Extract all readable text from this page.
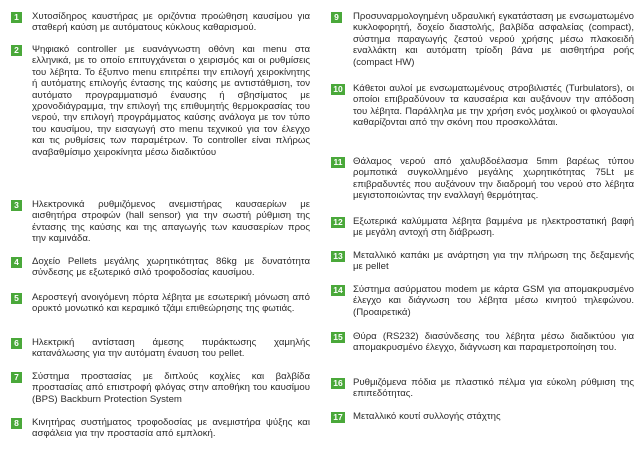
1	Χυτοσίδηρος καυστήρας με οριζόντια προώθηση καυσίμου για σταθερή καύση με αυτόματους κύκλους καθαρισμού.
2	Ψηφιακό controller με ευανάγνωστη οθόνη και menu στα ελληνικά, με το οποίο επιτυγχάνεται ο χειρισμός και οι ρυθμίσεις του λέβητα. Το έξυπνο menu επιτρέπει την επιλογή χειροκίνητης ή αυτόματης επιλογής έντασης της καύσης με αντιστάθμιση, τον αυτόματο προγραμματισμό έναυσης ή σβησίματος με χρονοδιάγραμμα, την επιλογή της επιθυμητής θερμοκρασίας του νερού, την επιλογή προγράμματος καύσης ανάλογα με τον τύπο του καυσίμου, την εισαγωγή στο menu τεχνικού για τον έλεγχο και τις ρυθμίσεις των παραμέτρων. Το controller είναι πλήρως αναβαθμίσιμο χειροκίνητα μέσω διαδικτύου
3	Ηλεκτρονικά ρυθμιζόμενος ανεμιστήρας καυσαερίων με αισθητήρα στροφών (hall sensor) για την σωστή ρύθμιση της έντασης της καύσης και της απαγωγής των καυσαερίων προς την καμινάδα.
4	Δοχείο Pellets μεγάλης χωρητικότητας 86kg με δυνατότητα σύνδεσης με εξωτερικό σιλό τροφοδοσίας καυσίμου.
5	Αεροστεγή ανοιγόμενη πόρτα λέβητα με εσωτερική μόνωση από ορυκτό μονωτικό και κεραμικό τζάμι επιθεώρησης της φωτιάς.
6	Ηλεκτρική αντίσταση άμεσης πυράκτωσης χαμηλής κατανάλωσης για την αυτόματη έναυση του pellet.
7	Σύστημα προστασίας με διπλούς κοχλίες και βαλβίδα προστασίας από επιστροφή φλόγας στην αποθήκη του καυσίμου (BPS) Backburn Protection System
8	Κινητήρας συστήματος τροφοδοσίας με ανεμιστήρα ψύξης και ασφάλεια για την προστασία από εμπλοκή.
9	Προσυναρμολογημένη υδραυλική εγκατάσταση με ενσωματωμένο κυκλοφορητή, δοχείο διαστολής, βαλβίδα ασφαλείας (compact), σύστημα παραγωγής ζεστού νερού χρήσης μέσω πλακοειδή εναλλάκτη και αυτόματη τρίοδη βάνα με αισθητήρα ροής (compact HW)
10 Κάθετοι αυλοί με ενσωματωμένους στροβιλιστές (Turbulators), οι οποίοι επιβραδύνουν τα καυσαέρια και αυξάνουν την απόδοση του λέβητα. Παράλληλα με την χρήση ενός μοχλικού οι φλογαυλοί καθαρίζονται από την σκόνη που προσκολλάται.
11 Θάλαμος νερού από χαλυβδοέλασμα 5mm βαρέως τύπου ρομποτικά συγκολλημένο μεγάλης χωρητικότητας 75Lt με επιβραδυντές που αυξάνουν την διαδρομή του νερού στο λέβητα μεγιστοποιώντας την εναλλαγή θερμότητας.
12 Εξωτερικά καλύμματα λέβητα βαμμένα με ηλεκτροστατική βαφή με μεγάλη αντοχή στη διάβρωση.
13 Μεταλλικό καπάκι με ανάρτηση για την πλήρωση της δεξαμενής με pellet
14 Σύστημα ασύρματου modem με κάρτα GSM για απομακρυσμένο έλεγχο και διάγνωση του λέβητα μέσω κινητού τηλεφώνου.(Προαιρετικά)
15 Θύρα (RS232) διασύνδεσης του λέβητα μέσω διαδικτύου για απομακρυσμένο έλεγχο, διάγνωση και παραμετροποίηση του.
16 Ρυθμιζόμενα πόδια με πλαστικό πέλμα για εύκολη ρύθμιση της επιπεδότητας.
17 Μεταλλικό κουτί συλλογής στάχτης
